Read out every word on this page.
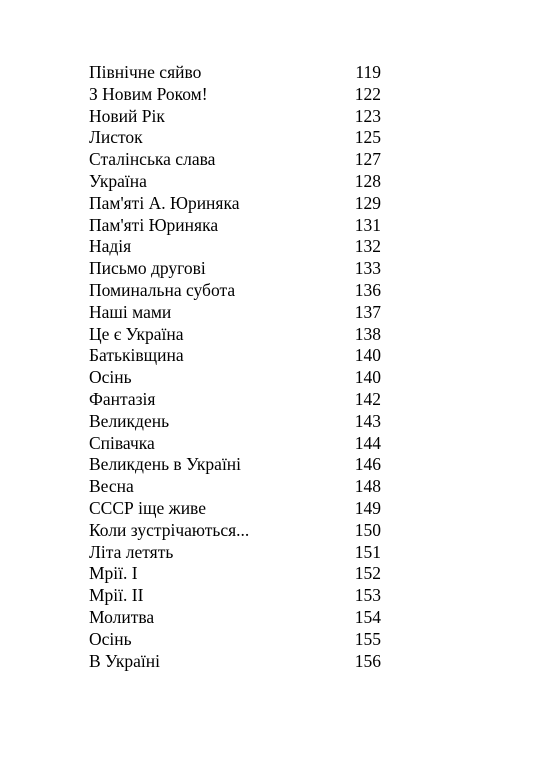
Північне сяйво	119
З Новим Роком!	122
Новий Рік	123
Листок	125
Сталінська слава	127
Україна	128
Пам'яті А. Юриняка	129
Пам'яті Юриняка	131
Надія	132
Письмо другові	133
Поминальна субота	136
Наші мами	137
Це є Україна	138
Батьківщина	140
Осінь	140
Фантазія	142
Великдень	143
Співачка	144
Великдень в Україні	146
Весна	148
СССР іще живе	149
Коли зустрічаються...	150
Літа летять	151
Мрії. І	152
Мрії. ІІ	153
Молитва	154
Осінь	155
В Україні	156
